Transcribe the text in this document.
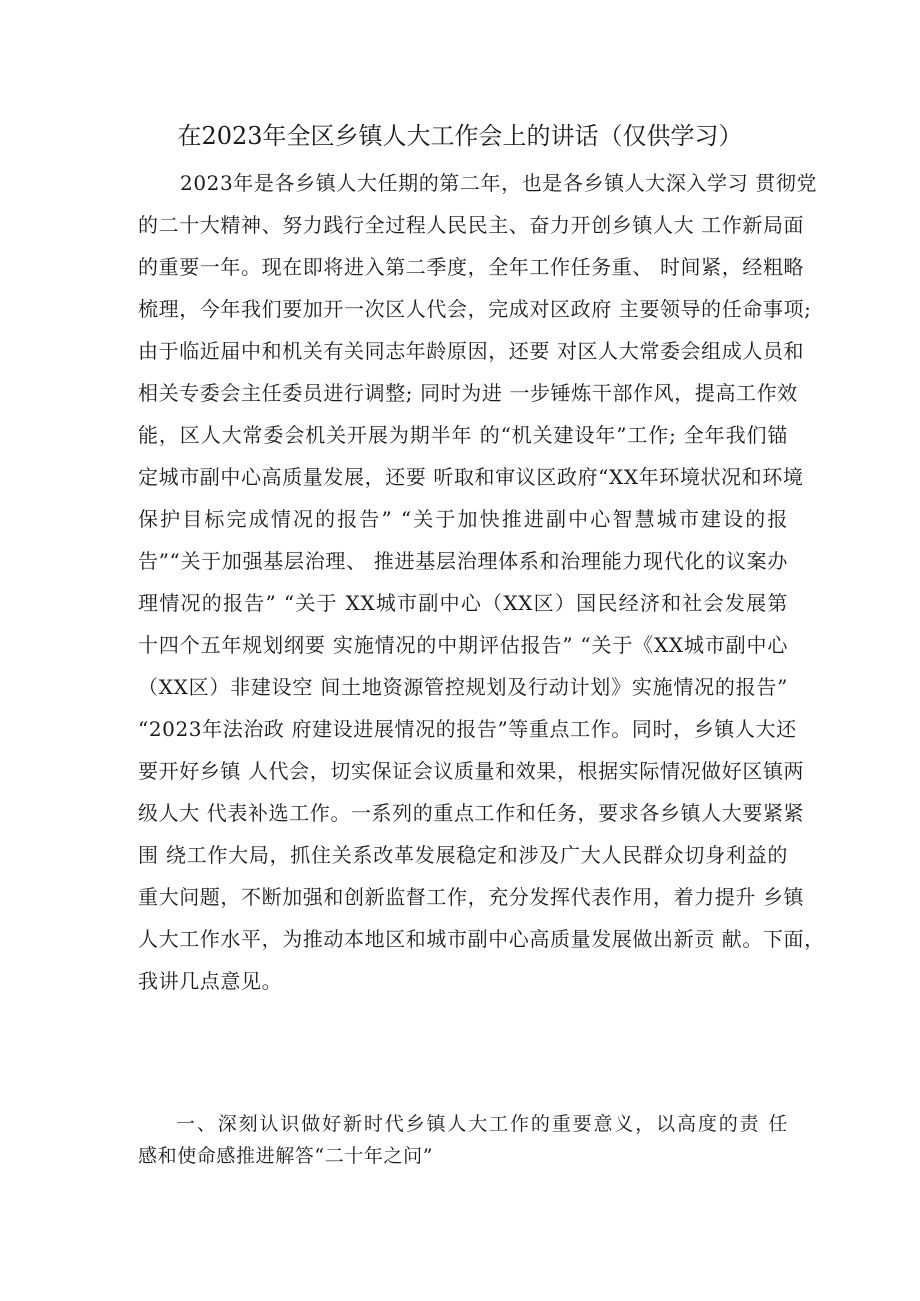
在2023年全区乡镇人大工作会上的讲话（仅供学习）
2023年是各乡镇人大任期的第二年，也是各乡镇人大深入学习 贯彻党
的二十大精神、努力践行全过程人民民主、奋力开创乡镇人大 工作新局面
的重要一年。现在即将进入第二季度，全年工作任务重、 时间紧，经粗略
梳理，今年我们要加开一次区人代会，完成对区政府 主要领导的任命事项;
由于临近届中和机关有关同志年龄原因，还要 对区人大常委会组成人员和
相关专委会主任委员进行调整; 同时为进 一步锤炼干部作风，提高工作效
能，区人大常委会机关开展为期半年 的“机关建设年”工作; 全年我们锚
定城市副中心高质量发展，还要 听取和审议区政府“XX年环境状况和环境
保护目标完成情况的报告” “关于加快推进副中心智慧城市建设的报
告”“关于加强基层治理、 推进基层治理体系和治理能力现代化的议案办
理情况的报告” “关于 XX城市副中心（XX区）国民经济和社会发展第
十四个五年规划纲要 实施情况的中期评估报告” “关于《XX城市副中心
（XX区）非建设空 间土地资源管控规划及行动计划》实施情况的报告”
“2023年法治政 府建设进展情况的报告”等重点工作。同时，乡镇人大还
要开好乡镇 人代会，切实保证会议质量和效果，根据实际情况做好区镇两
级人大 代表补选工作。一系列的重点工作和任务，要求各乡镇人大要紧紧
围 绕工作大局，抓住关系改革发展稳定和涉及广大人民群众切身利益的
重大问题，不断加强和创新监督工作，充分发挥代表作用，着力提升 乡镇
人大工作水平，为推动本地区和城市副中心高质量发展做出新贡 献。下面，
我讲几点意见。
一、深刻认识做好新时代乡镇人大工作的重要意义，以高度的责 任
感和使命感推进解答“二十年之问”
